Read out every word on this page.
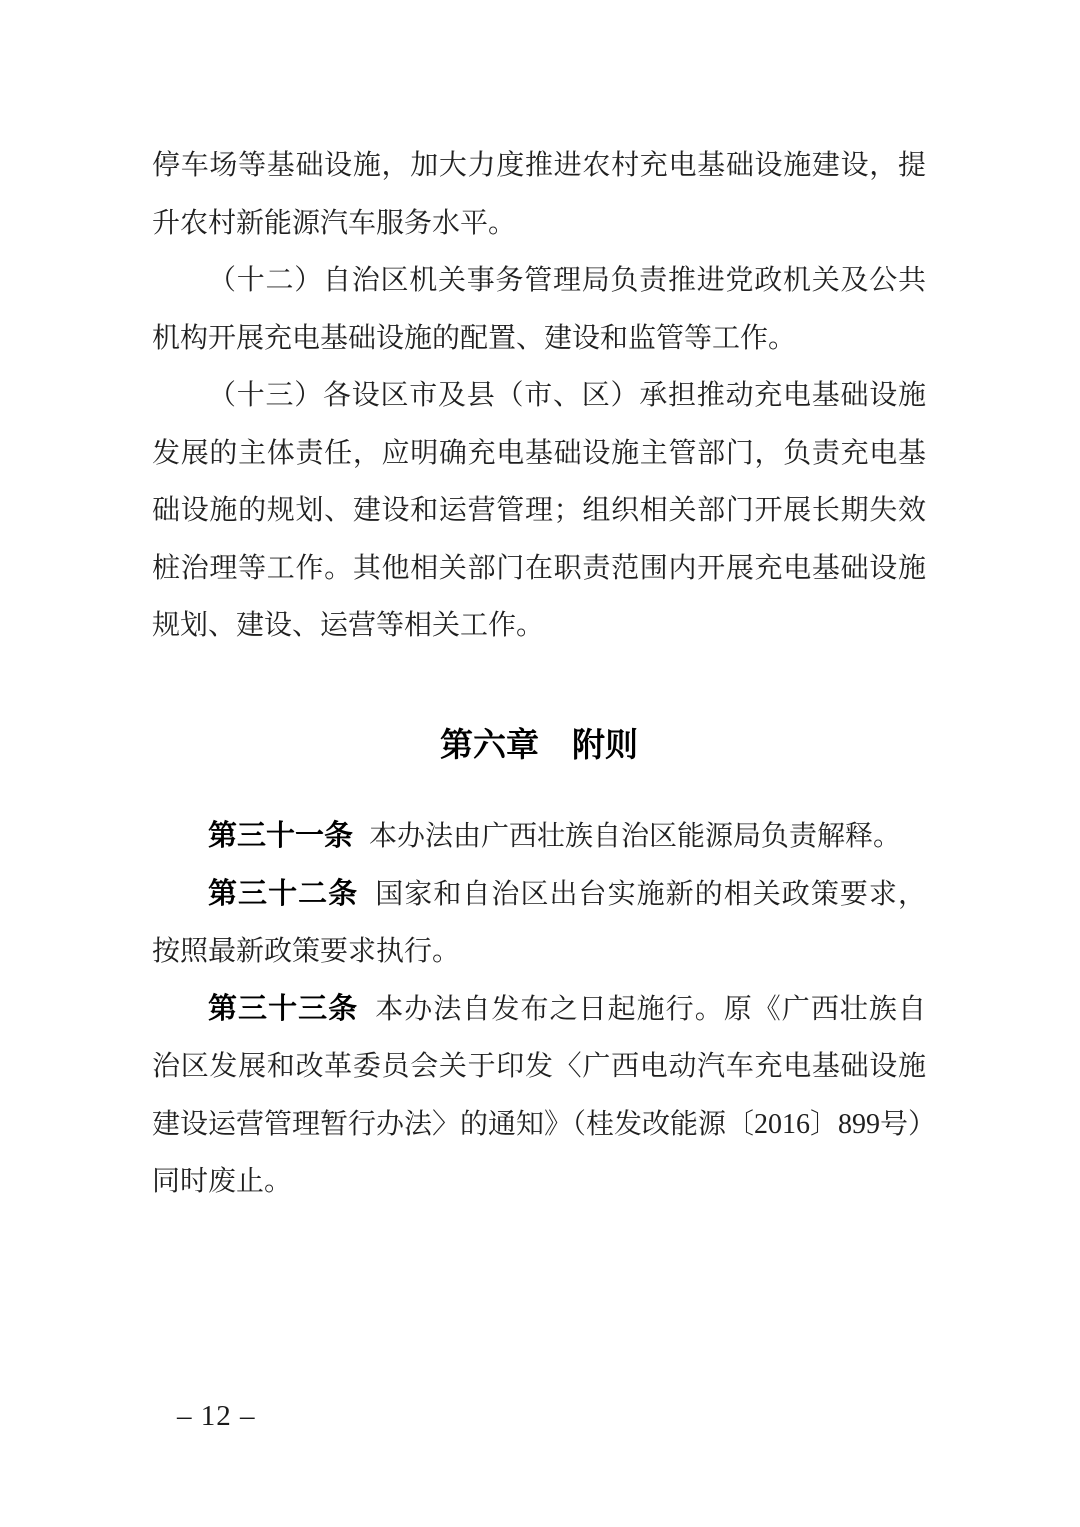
停车场等基础设施，加大力度推进农村充电基础设施建设，提
升农村新能源汽车服务水平。
（十二）自治区机关事务管理局负责推进党政机关及公共
机构开展充电基础设施的配置、建设和监管等工作。
（十三）各设区市及县（市、区）承担推动充电基础设施
发展的主体责任，应明确充电基础设施主管部门，负责充电基
础设施的规划、建设和运营管理；组织相关部门开展长期失效
桩治理等工作。其他相关部门在职责范围内开展充电基础设施
规划、建设、运营等相关工作。
第六章　附则
第三十一条 本办法由广西壮族自治区能源局负责解释。
第三十二条 国家和自治区出台实施新的相关政策要求，
按照最新政策要求执行。
第三十三条 本办法自发布之日起施行。原《广西壮族自
治区发展和改革委员会关于印发〈广西电动汽车充电基础设施
建设运营管理暂行办法〉的通知》（桂发改能源〔2016〕899号）
同时废止。
– 12 –
